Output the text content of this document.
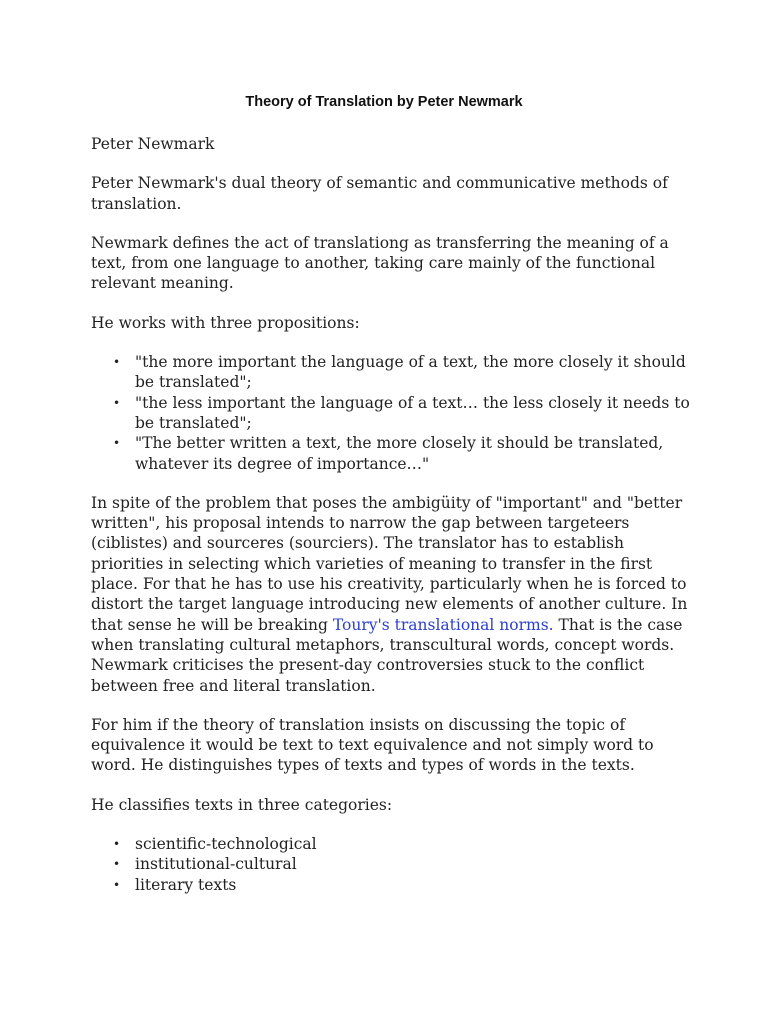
Theory of Translation by Peter Newmark

Peter Newmark

Peter Newmark's dual theory of semantic and communicative methods of translation.

Newmark defines the act of translationg as transferring the meaning of a text, from one language to another, taking care mainly of the functional relevant meaning.

He works with three propositions:

• "the more important the language of a text, the more closely it should be translated";
• "the less important the language of a text… the less closely it needs to be translated";
• "The better written a text, the more closely it should be translated, whatever its degree of importance…"

In spite of the problem that poses the ambigüity of "important" and "better written", his proposal intends to narrow the gap between targeteers (ciblistes) and sourceres (sourciers). The translator has to establish priorities in selecting which varieties of meaning to transfer in the first place. For that he has to use his creativity, particularly when he is forced to distort the target language introducing new elements of another culture. In that sense he will be breaking Toury's translational norms. That is the case when translating cultural metaphors, transcultural words, concept words. Newmark criticises the present-day controversies stuck to the conflict between free and literal translation.

For him if the theory of translation insists on discussing the topic of equivalence it would be text to text equivalence and not simply word to word. He distinguishes types of texts and types of words in the texts.

He classifies texts in three categories:

• scientific-technological
• institutional-cultural
• literary texts
